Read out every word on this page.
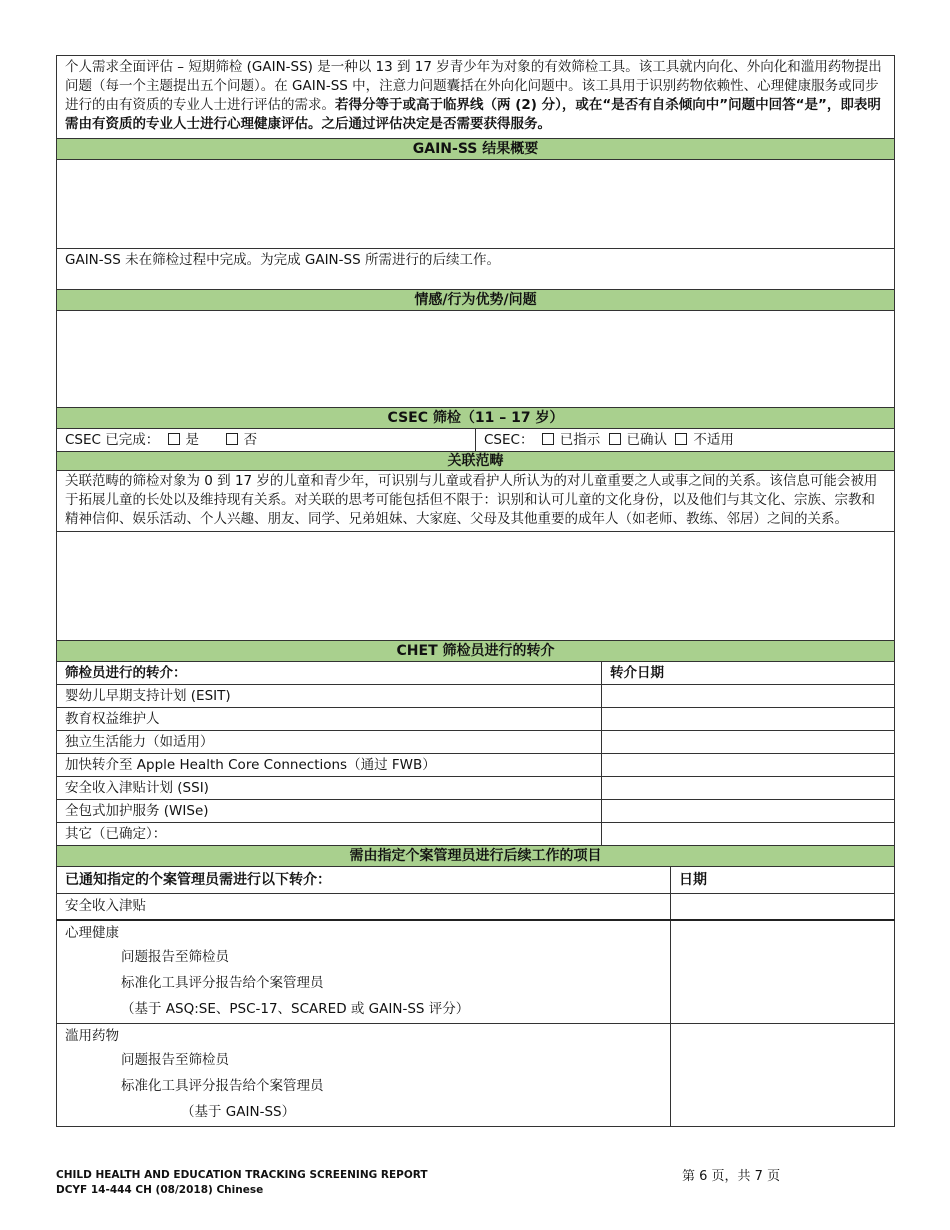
个人需求全面评估 – 短期筛检 (GAIN-SS) 是一种以 13 到 17 岁青少年为对象的有效筛检工具。该工具就内向化、外向化和滥用药物提出问题（每一个主题提出五个问题）。在 GAIN-SS 中，注意力问题囊括在外向化问题中。该工具用于识别药物依赖性、心理健康服务或同步进行的由有资质的专业人士进行评估的需求。若得分等于或高于临界线（两 (2) 分），或在“是否有自杀倾向中”问题中回答“是”，即表明需由有资质的专业人士进行心理健康评估。之后通过评估决定是否需要获得服务。
GAIN-SS 结果概要

GAIN-SS 未在筛检过程中完成。为完成 GAIN-SS 所需进行的后续工作。
情感/行为优势/问题

CSEC 筛检（11 – 17 岁）
CSEC 已完成： 是	否	CSEC： 已指示 已确认 不适用
关联范畴
关联范畴的筛检对象为 0 到 17 岁的儿童和青少年，可识别与儿童或看护人所认为的对儿童重要之人或事之间的关系。该信息可能会被用于拓展儿童的长处以及维持现有关系。对关联的思考可能包括但不限于：识别和认可儿童的文化身份，以及他们与其文化、宗族、宗教和精神信仰、娱乐活动、个人兴趣、朋友、同学、兄弟姐妹、大家庭、父母及其他重要的成年人（如老师、教练、邻居）之间的关系。

CHET 筛检员进行的转介	
筛检员进行的转介：	转介日期
婴幼儿早期支持计划 (ESIT)	
教育权益维护人	
独立生活能力（如适用）	
加快转介至 Apple Health Core Connections（通过 FWB）	
安全收入津贴计划 (SSI)	
全包式加护服务 (WISe)	
其它（已确定）：	
需由指定个案管理员进行后续工作的项目	
已通知指定的个案管理员需进行以下转介：	日期
安全收入津贴	

心理健康
问题报告至筛检员
标准化工具评分报告给个案管理员
（基于 ASQ:SE、PSC-17、SCARED 或 GAIN-SS 评分）	

滥用药物
问题报告至筛检员
标准化工具评分报告给个案管理员
（基于 GAIN-SS）	

CHILD HEALTH AND EDUCATION TRACKING SCREENING REPORT
DCYF 14-444 CH (08/2018) Chinese
第 6 页，共 7 页
